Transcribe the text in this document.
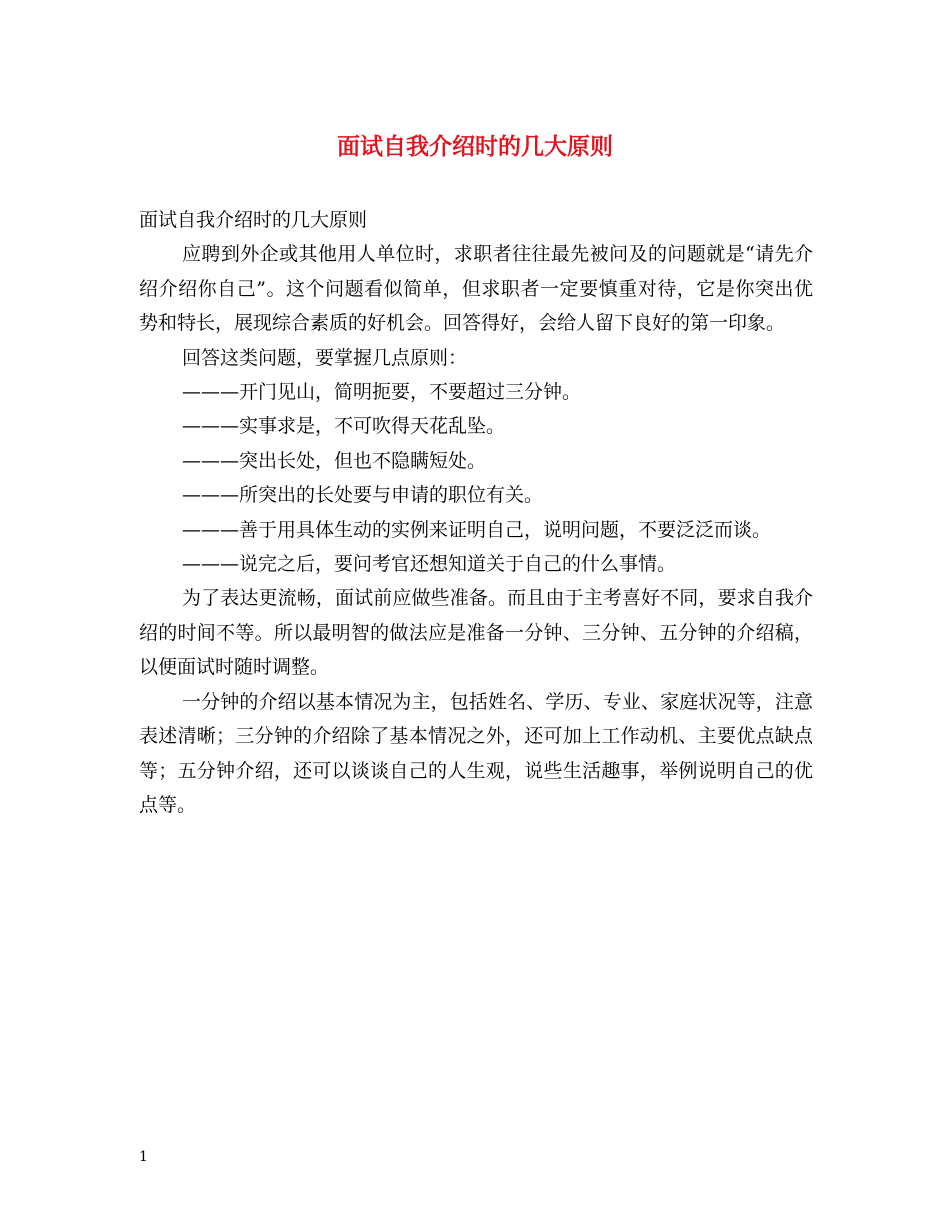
面试自我介绍时的几大原则

面试自我介绍时的几大原则

应聘到外企或其他用人单位时，求职者往往最先被问及的问题就是“请先介绍介绍你自己”。这个问题看似简单，但求职者一定要慎重对待，它是你突出优势和特长，展现综合素质的好机会。回答得好，会给人留下良好的第一印象。

回答这类问题，要掌握几点原则：

———开门见山，简明扼要，不要超过三分钟。

———实事求是，不可吹得天花乱坠。

———突出长处，但也不隐瞒短处。

———所突出的长处要与申请的职位有关。

———善于用具体生动的实例来证明自己，说明问题，不要泛泛而谈。

———说完之后，要问考官还想知道关于自己的什么事情。

为了表达更流畅，面试前应做些准备。而且由于主考喜好不同，要求自我介绍的时间不等。所以最明智的做法应是准备一分钟、三分钟、五分钟的介绍稿，以便面试时随时调整。

一分钟的介绍以基本情况为主，包括姓名、学历、专业、家庭状况等，注意表述清晰；三分钟的介绍除了基本情况之外，还可加上工作动机、主要优点缺点等；五分钟介绍，还可以谈谈自己的人生观，说些生活趣事，举例说明自己的优点等。

1
